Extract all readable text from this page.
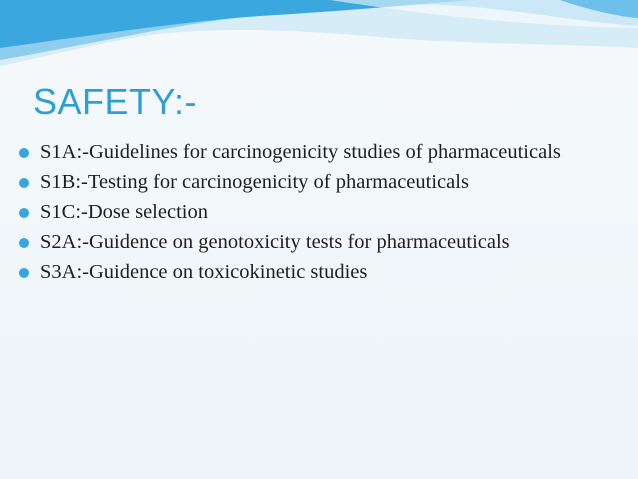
SAFETY:-
S1A:-Guidelines for carcinogenicity studies of pharmaceuticals
S1B:-Testing for carcinogenicity of pharmaceuticals
S1C:-Dose selection
S2A:-Guidence on genotoxicity tests for pharmaceuticals
S3A:-Guidence on toxicokinetic studies
